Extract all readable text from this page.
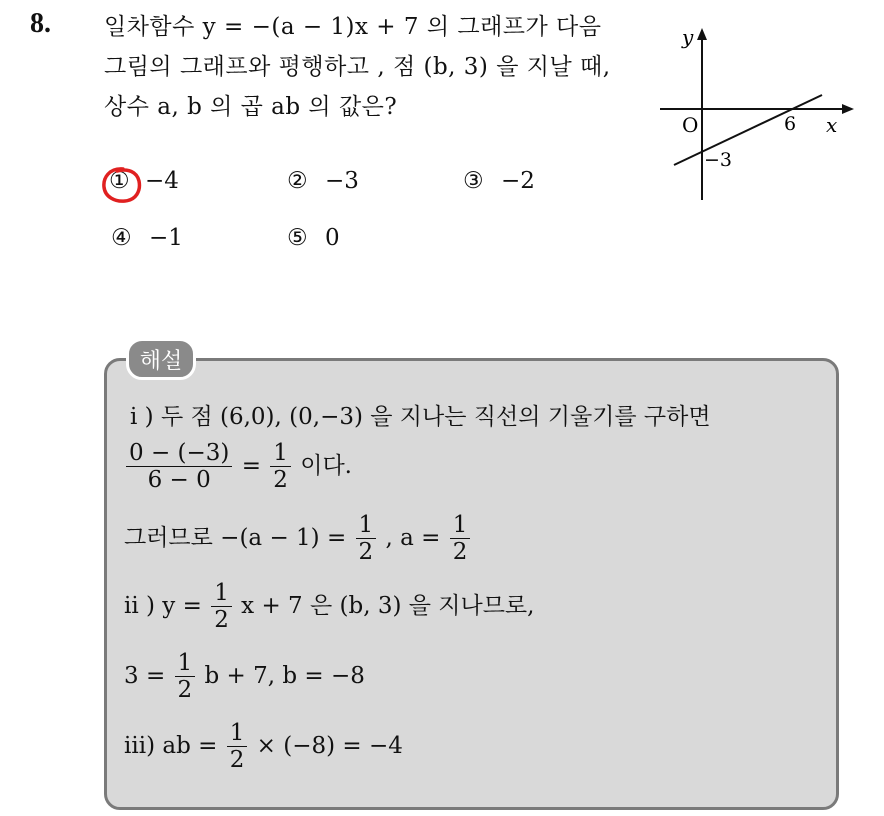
8. 일차함수 y = −(a − 1)x + 7 의 그래프가 다음
그림의 그래프와 평행하고 , 점 (b, 3) 을 지날 때,
상수 a, b 의 곱 ab 의 값은?
① −4	② −3	③ −2
④ −1	⑤ 0
y
O	6 x
−3
해설
i ) 두 점 (6,0), (0,−3) 을 지나는 직선의 기울기를 구하면
$\frac{0 - (-3)}{6 - 0} = \frac{1}{2}$ 이다.
그러므로 $-(a - 1) = \frac{1}{2}$ , $a = \frac{1}{2}$
ii ) $y = \frac{1}{2}$ x + 7 은 (b, 3) 을 지나므로,
$3 = \frac{1}{2}$ b + 7, b = −8
iii) ab = $\frac{1}{2} \times (-8) = -4$
